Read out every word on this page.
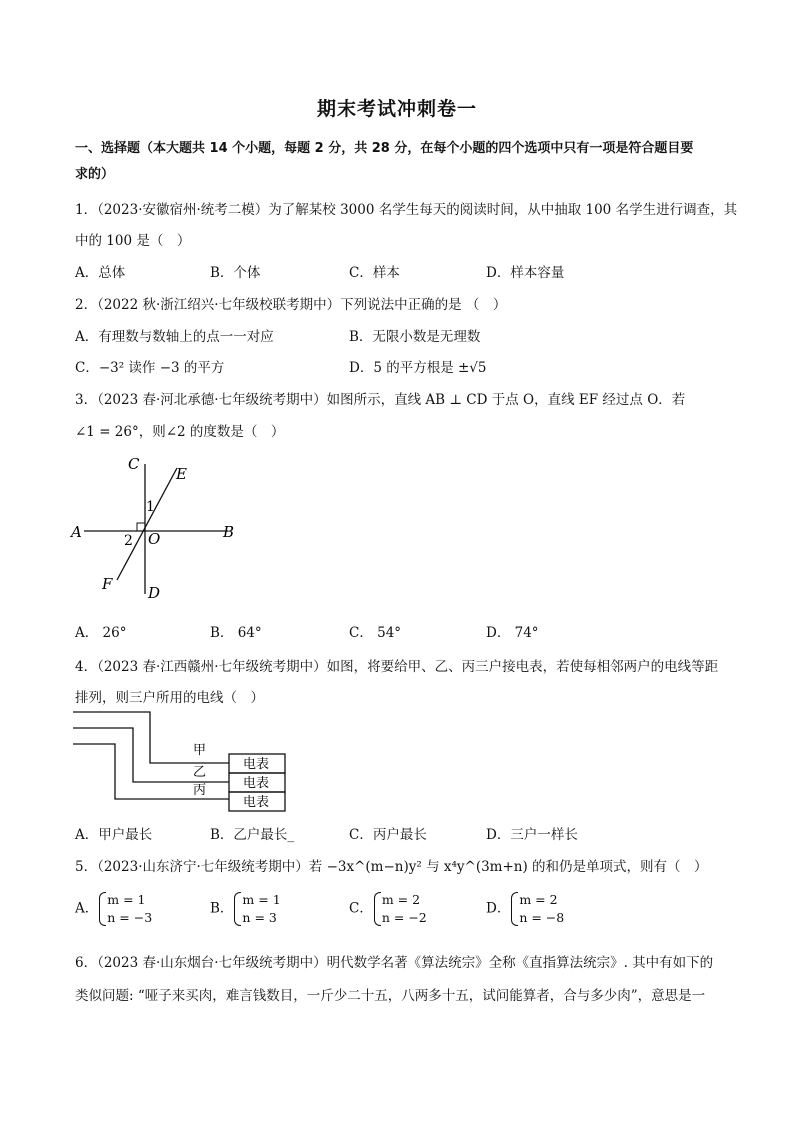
期末考试冲刺卷一
一、选择题（本大题共 14 个小题，每题 2 分，共 28 分，在每个小题的四个选项中只有一项是符合题目要
求的）
1．（2023·安徽宿州·统考二模）为了解某校 3000 名学生每天的阅读时间，从中抽取 100 名学生进行调查，其
中的 100 是（　）
A．总体	B．个体	C．样本	D．样本容量
2．（2022 秋·浙江绍兴·七年级校联考期中）下列说法中正确的是 （　）
A．有理数与数轴上的点一一对应	B．无限小数是无理数
C．−3² 读作 −3 的平方	D．5 的平方根是 ±√5
3．（2023 春·河北承德·七年级统考期中）如图所示，直线 AB ⊥ CD 于点 O，直线 EF 经过点 O．若
∠1 = 26°，则∠2 的度数是（　）
C
E
1
A	B
2 O
F D
A． 26°	B． 64°	C． 54°	D． 74°
4．（2023 春·江西赣州·七年级统考期中）如图，将要给甲、乙、丙三户接电表，若使每相邻两户的电线等距
排列，则三户所用的电线（　）
甲
乙
丙
电表
电表
电表
A．甲户最长	B．乙户最长_	C．丙户最长	D．三户一样长
5．（2023·山东济宁·七年级统考期中）若 −3x^(m−n)y² 与 x⁴y^(3m+n) 的和仍是单项式，则有（　）
A．
m = 1
n = −3
B．
m = 1
n = 3
C．
m = 2
n = −2
D．
m = 2
n = −8
6．（2023 春·山东烟台·七年级统考期中）明代数学名著《算法统宗》全称《直指算法统宗》. 其中有如下的
类似问题: “哑子来买肉，难言钱数目，一斤少二十五，八两多十五，试问能算者，合与多少肉”，意思是一
